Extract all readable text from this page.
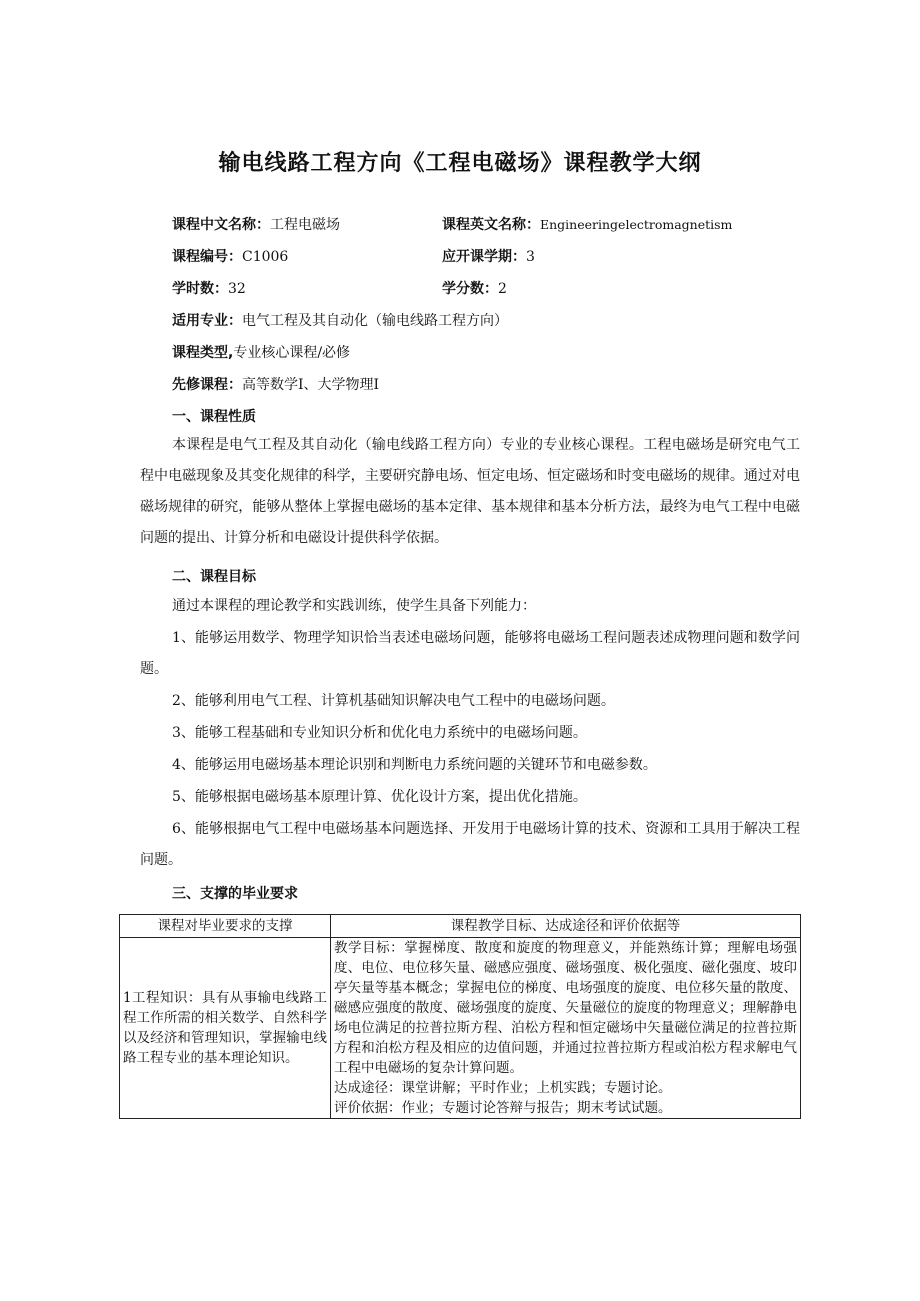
输电线路工程方向《工程电磁场》课程教学大纲
课程中文名称：工程电磁场	课程英文名称：Engineeringelectromagnetism
课程编号：C1006	应开课学期：3
学时数：32	学分数：2
适用专业：电气工程及其自动化（输电线路工程方向）
课程类型,专业核心课程/必修
先修课程：高等数学Ⅰ、大学物理Ⅰ
一、课程性质

本课程是电气工程及其自动化（输电线路工程方向）专业的专业核心课程。工程电磁场是研究电气工程中电磁现象及其变化规律的科学，主要研究静电场、恒定电场、恒定磁场和时变电磁场的规律。通过对电磁场规律的研究，能够从整体上掌握电磁场的基本定律、基本规律和基本分析方法，最终为电气工程中电磁问题的提出、计算分析和电磁设计提供科学依据。

二、课程目标

通过本课程的理论教学和实践训练，使学生具备下列能力：

1、能够运用数学、物理学知识恰当表述电磁场问题，能够将电磁场工程问题表述成物理问题和数学问题。

2、能够利用电气工程、计算机基础知识解决电气工程中的电磁场问题。

3、能够工程基础和专业知识分析和优化电力系统中的电磁场问题。

4、能够运用电磁场基本理论识别和判断电力系统问题的关键环节和电磁参数。

5、能够根据电磁场基本原理计算、优化设计方案，提出优化措施。

6、能够根据电气工程中电磁场基本问题选择、开发用于电磁场计算的技术、资源和工具用于解决工程问题。

三、支撑的毕业要求
课程对毕业要求的支撑	课程教学目标、达成途径和评价依据等
1工程知识：具有从事输电线路工程工作所需的相关数学、自然科学以及经济和管理知识，掌握输电线路工程专业的基本理论知识。	教学目标：掌握梯度、散度和旋度的物理意义，并能熟练计算；理解电场强度、电位、电位移矢量、磁感应强度、磁场强度、极化强度、磁化强度、坡印亭矢量等基本概念；掌握电位的梯度、电场强度的旋度、电位移矢量的散度、磁感应强度的散度、磁场强度的旋度、矢量磁位的旋度的物理意义；理解静电场电位满足的拉普拉斯方程、泊松方程和恒定磁场中矢量磁位满足的拉普拉斯方程和泊松方程及相应的边值问题，并通过拉普拉斯方程或泊松方程求解电气工程中电磁场的复杂计算问题。

达成途径：课堂讲解；平时作业；上机实践；专题讨论。

评价依据：作业；专题讨论答辩与报告；期末考试试题。
